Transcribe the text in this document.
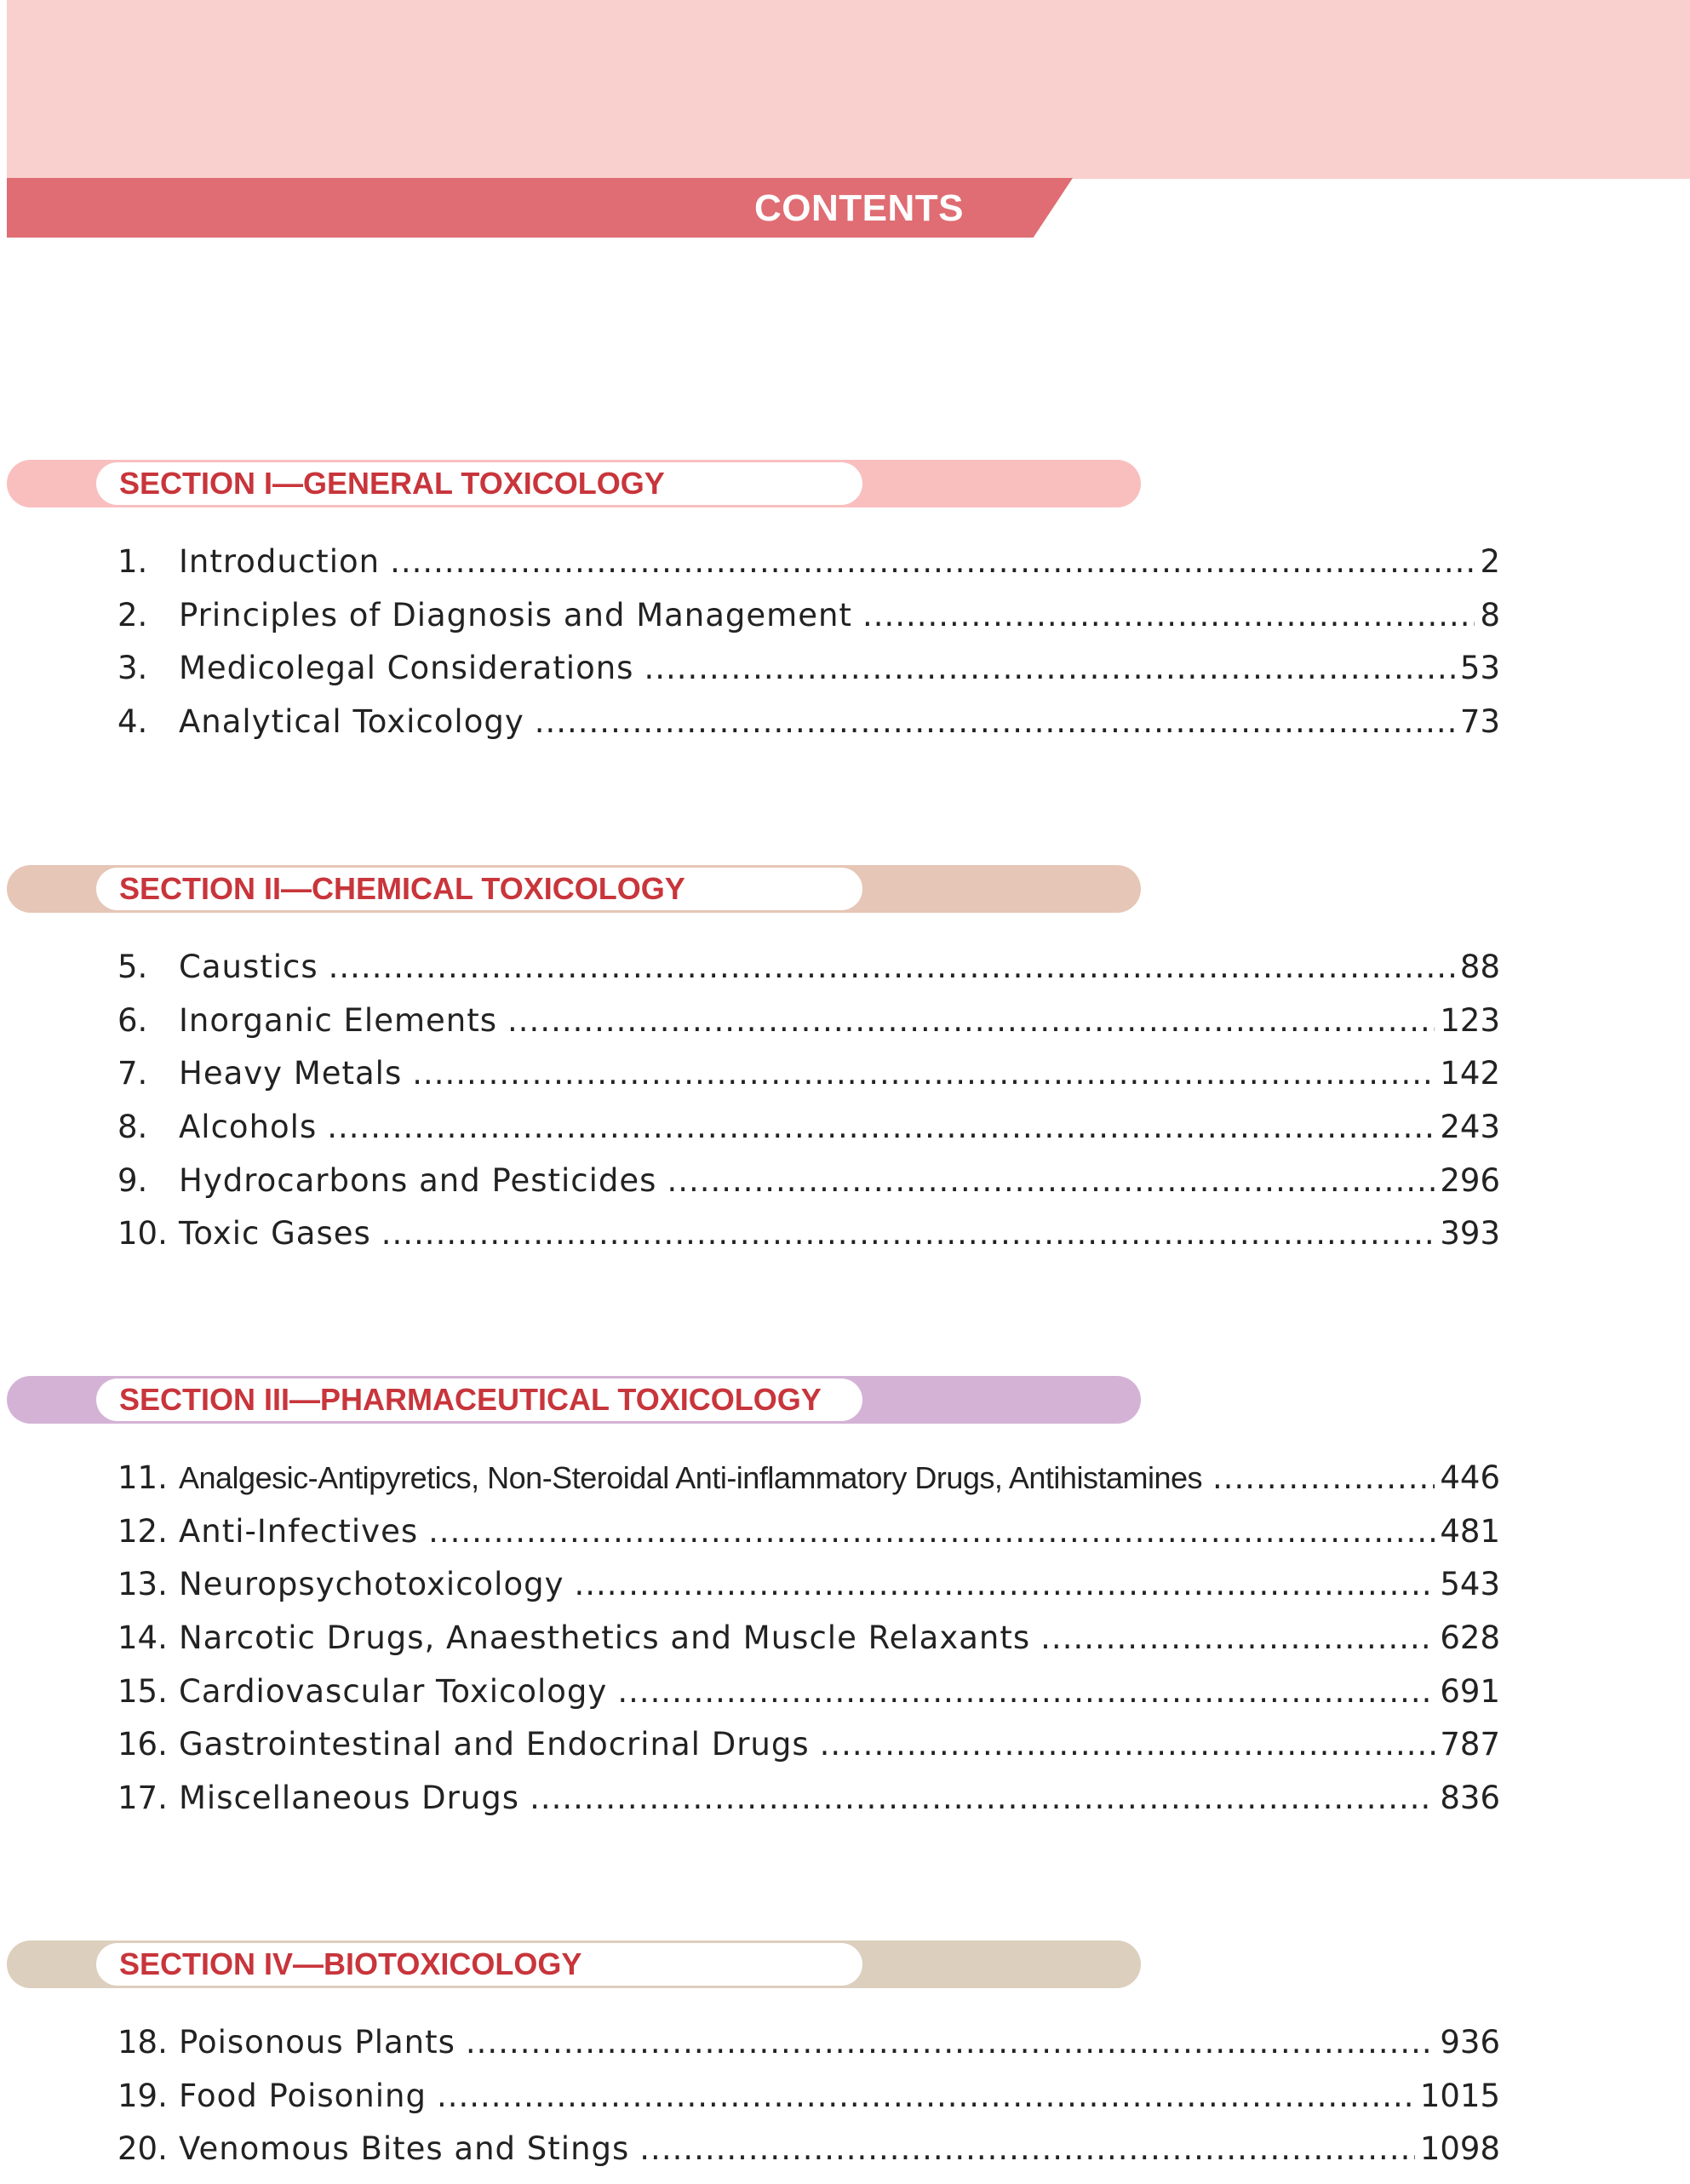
CONTENTS
SECTION I—GENERAL TOXICOLOGY
1. Introduction .....	2
2. Principles of Diagnosis and Management .....	8
3. Medicolegal Considerations .....	53
4. Analytical Toxicology .....	73
SECTION II—CHEMICAL TOXICOLOGY
5. Caustics .....	88
6. Inorganic Elements .....	123
7. Heavy Metals .....	142
8. Alcohols .....	243
9. Hydrocarbons and Pesticides .....	296
10. Toxic Gases .....	393
SECTION III—PHARMACEUTICAL TOXICOLOGY
11. Analgesic-Antipyretics, Non-Steroidal Anti-inflammatory Drugs, Antihistamines .....	446
12. Anti-Infectives .....	481
13. Neuropsychotoxicology .....	543
14. Narcotic Drugs, Anaesthetics and Muscle Relaxants .....	628
15. Cardiovascular Toxicology .....	691
16. Gastrointestinal and Endocrinal Drugs .....	787
17. Miscellaneous Drugs .....	836
SECTION IV—BIOTOXICOLOGY
18. Poisonous Plants .....	936
19. Food Poisoning .....	1015
20. Venomous Bites and Stings .....	1098
